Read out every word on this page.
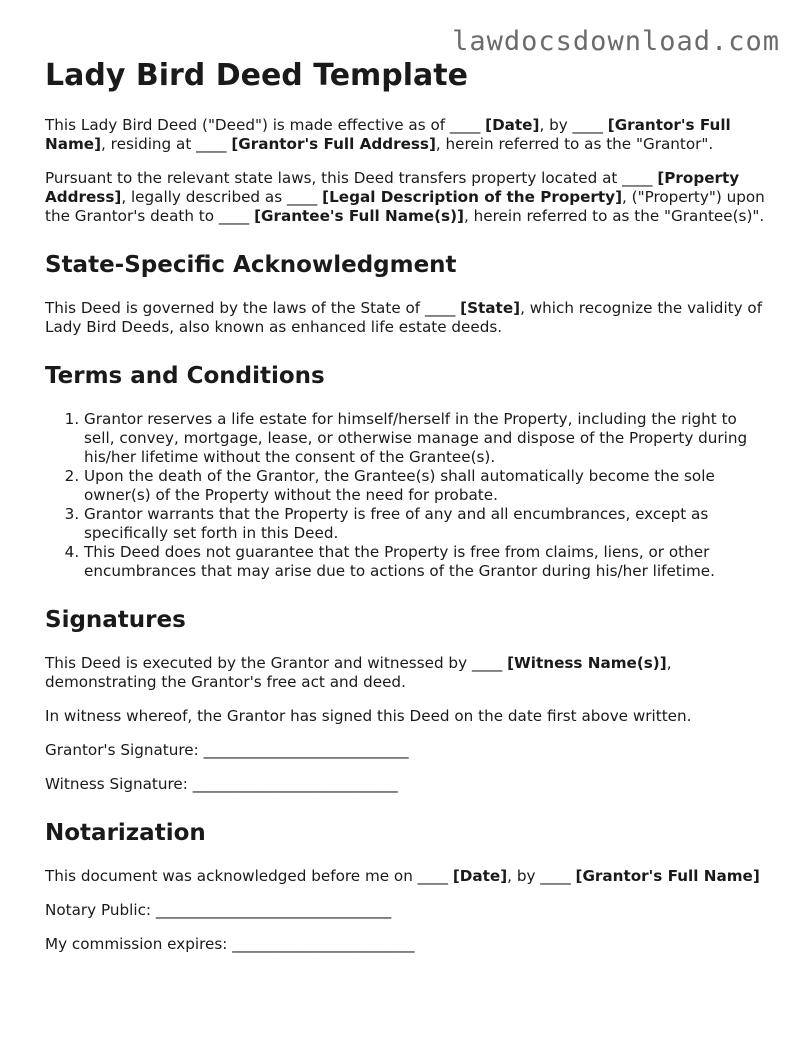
lawdocsdownload.com
Lady Bird Deed Template

This Lady Bird Deed ("Deed") is made effective as of ____ [Date], by ____ [Grantor's Full Name], residing at ____ [Grantor's Full Address], herein referred to as the "Grantor".

Pursuant to the relevant state laws, this Deed transfers property located at ____ [Property Address], legally described as ____ [Legal Description of the Property], ("Property") upon the Grantor's death to ____ [Grantee's Full Name(s)], herein referred to as the "Grantee(s)".

State-Specific Acknowledgment

This Deed is governed by the laws of the State of ____ [State], which recognize the validity of Lady Bird Deeds, also known as enhanced life estate deeds.

Terms and Conditions
1. Grantor reserves a life estate for himself/herself in the Property, including the right to sell, convey, mortgage, lease, or otherwise manage and dispose of the Property during his/her lifetime without the consent of the Grantee(s).
2. Upon the death of the Grantor, the Grantee(s) shall automatically become the sole owner(s) of the Property without the need for probate.
3. Grantor warrants that the Property is free of any and all encumbrances, except as specifically set forth in this Deed.
4. This Deed does not guarantee that the Property is free from claims, liens, or other encumbrances that may arise due to actions of the Grantor during his/her lifetime.
Signatures

This Deed is executed by the Grantor and witnessed by ____ [Witness Name(s)], demonstrating the Grantor's free act and deed.

In witness whereof, the Grantor has signed this Deed on the date first above written.

Grantor's Signature: ___________________________

Witness Signature: ___________________________

Notarization

This document was acknowledged before me on ____ [Date], by ____ [Grantor's Full Name]

Notary Public: _______________________________

My commission expires: ________________________
